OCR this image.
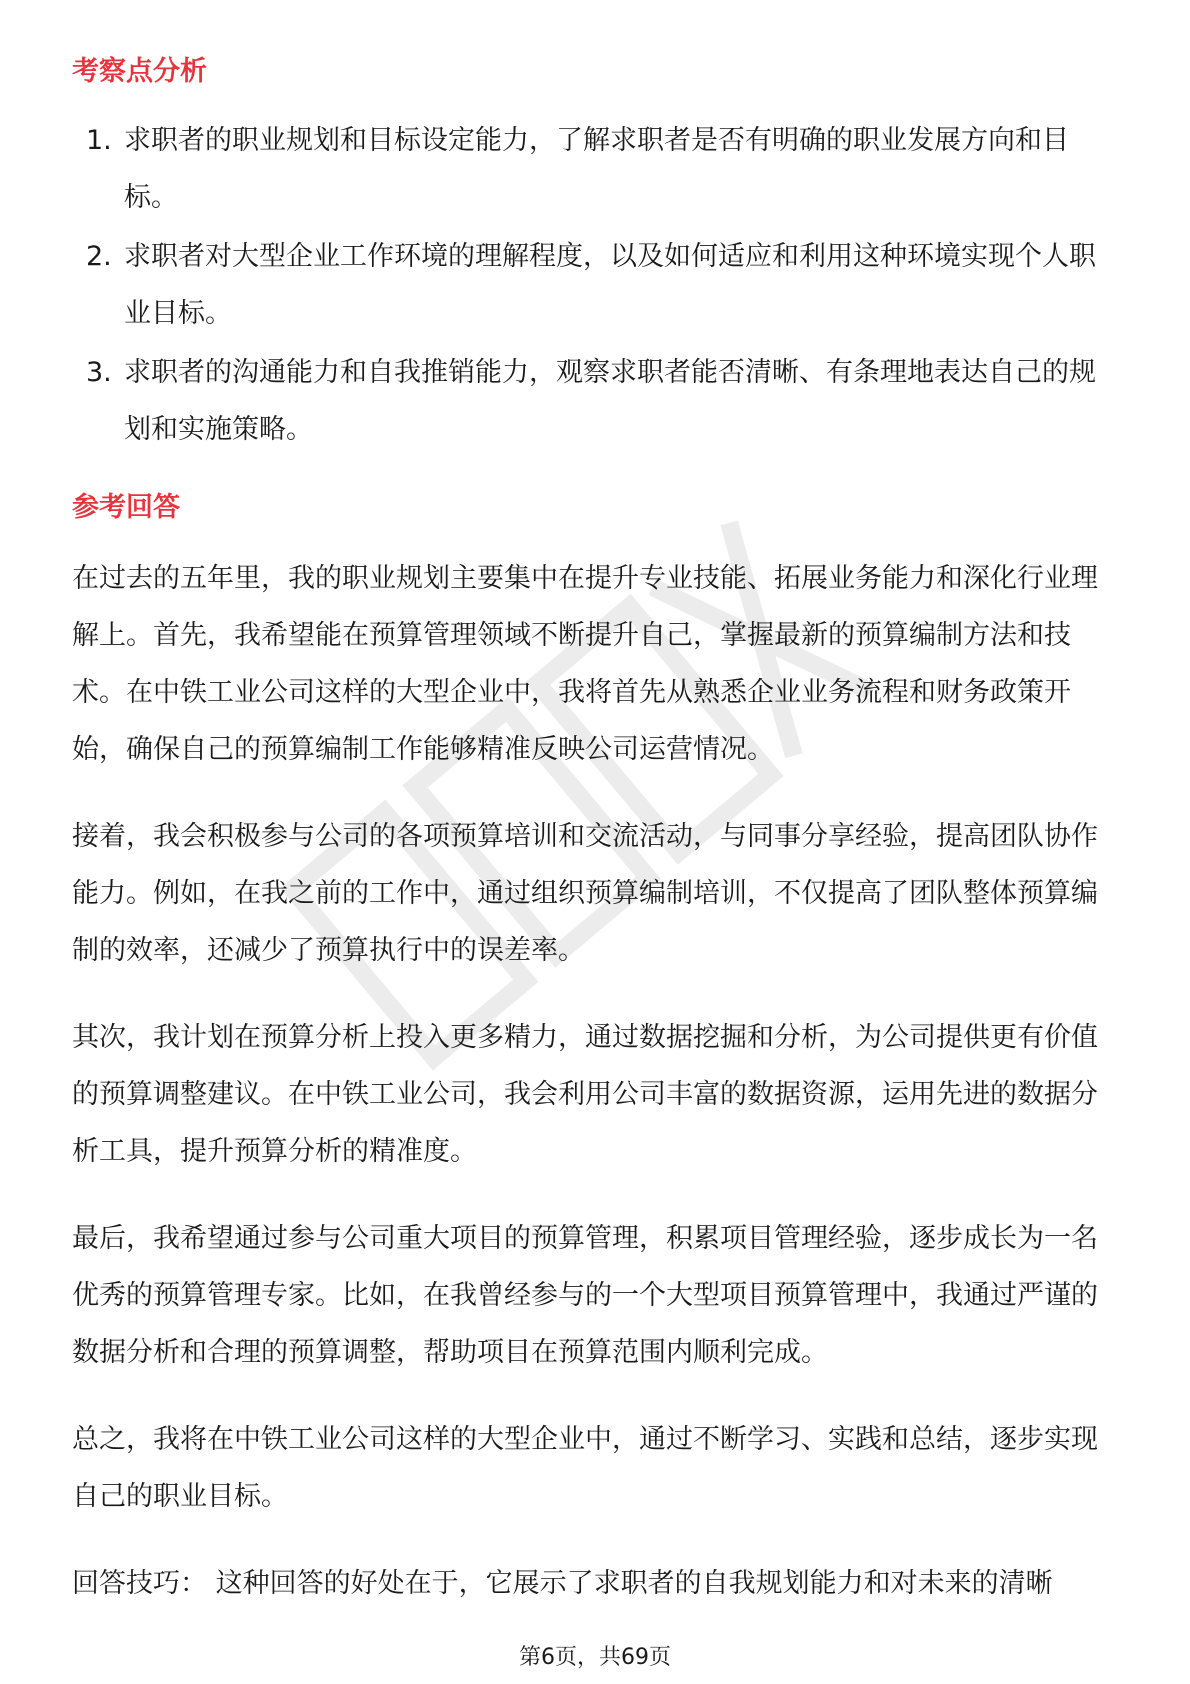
考察点分析
1. 求职者的职业规划和目标设定能力，了解求职者是否有明确的职业发展方向和目标。
2. 求职者对大型企业工作环境的理解程度，以及如何适应和利用这种环境实现个人职业目标。
3. 求职者的沟通能力和自我推销能力，观察求职者能否清晰、有条理地表达自己的规划和实施策略。
参考回答

在过去的五年里，我的职业规划主要集中在提升专业技能、拓展业务能力和深化行业理解上。首先，我希望能在预算管理领域不断提升自己，掌握最新的预算编制方法和技术。在中铁工业公司这样的大型企业中，我将首先从熟悉企业业务流程和财务政策开始，确保自己的预算编制工作能够精准反映公司运营情况。

接着，我会积极参与公司的各项预算培训和交流活动，与同事分享经验，提高团队协作能力。例如，在我之前的工作中，通过组织预算编制培训，不仅提高了团队整体预算编制的效率，还减少了预算执行中的误差率。

其次，我计划在预算分析上投入更多精力，通过数据挖掘和分析，为公司提供更有价值的预算调整建议。在中铁工业公司，我会利用公司丰富的数据资源，运用先进的数据分析工具，提升预算分析的精准度。

最后，我希望通过参与公司重大项目的预算管理，积累项目管理经验，逐步成长为一名优秀的预算管理专家。比如，在我曾经参与的一个大型项目预算管理中，我通过严谨的数据分析和合理的预算调整，帮助项目在预算范围内顺利完成。

总之，我将在中铁工业公司这样的大型企业中，通过不断学习、实践和总结，逐步实现自己的职业目标。

回答技巧： 这种回答的好处在于，它展示了求职者的自我规划能力和对未来的清晰

第6页，共69页
